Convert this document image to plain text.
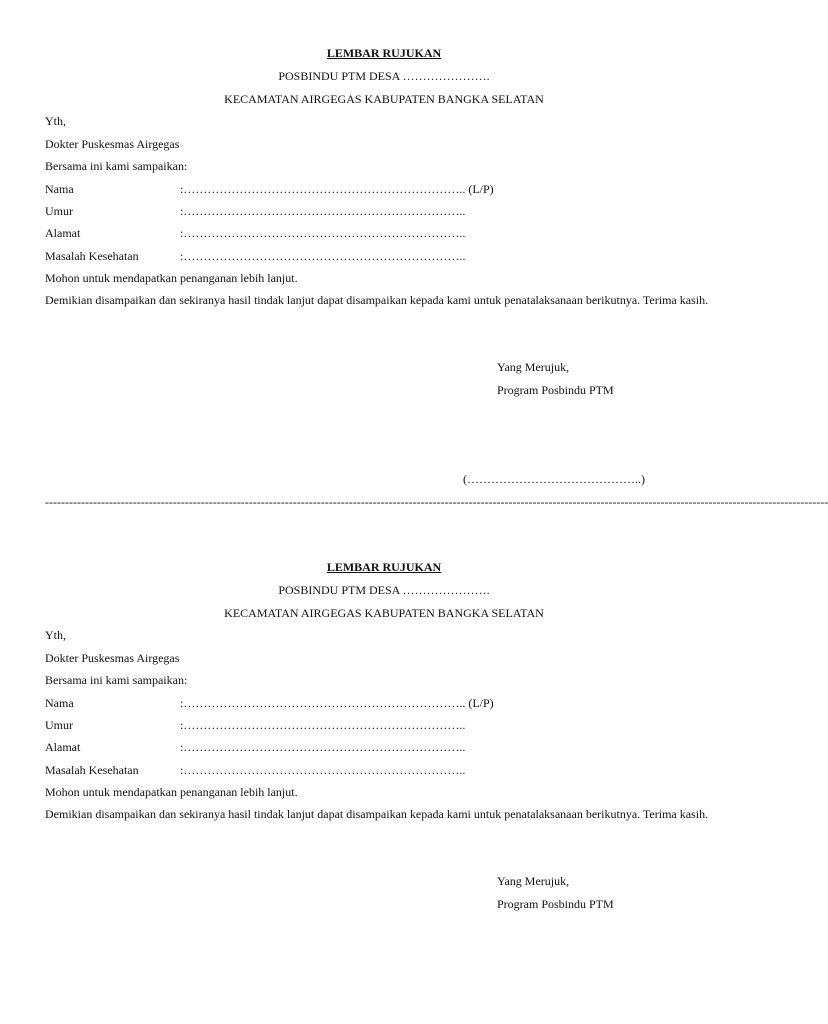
LEMBAR RUJUKAN
POSBINDU PTM DESA ………………….
KECAMATAN AIRGEGAS KABUPATEN BANGKA SELATAN
Yth,
Dokter Puskesmas Airgegas
Bersama ini kami sampaikan:
Nama	:…………………………………………………………….. (L/P)
Umur	:……………………………………………………………..
Alamat	:……………………………………………………………..
Masalah Kesehatan	:……………………………………………………………..
Mohon untuk mendapatkan penanganan lebih lanjut.
Demikian disampaikan dan sekiranya hasil tindak lanjut dapat disampaikan kepada kami untuk penatalaksanaan berikutnya. Terima kasih.
Yang Merujuk,
Program Posbindu PTM
(……………………………………..)
----------------------------------------------------------------------------------------------------------------------------------------------------------------------------------------------------
LEMBAR RUJUKAN
POSBINDU PTM DESA ………………….
KECAMATAN AIRGEGAS KABUPATEN BANGKA SELATAN
Yth,
Dokter Puskesmas Airgegas
Bersama ini kami sampaikan:
Nama	:…………………………………………………………….. (L/P)
Umur	:……………………………………………………………..
Alamat	:……………………………………………………………..
Masalah Kesehatan	:……………………………………………………………..
Mohon untuk mendapatkan penanganan lebih lanjut.
Demikian disampaikan dan sekiranya hasil tindak lanjut dapat disampaikan kepada kami untuk penatalaksanaan berikutnya. Terima kasih.
Yang Merujuk,
Program Posbindu PTM
